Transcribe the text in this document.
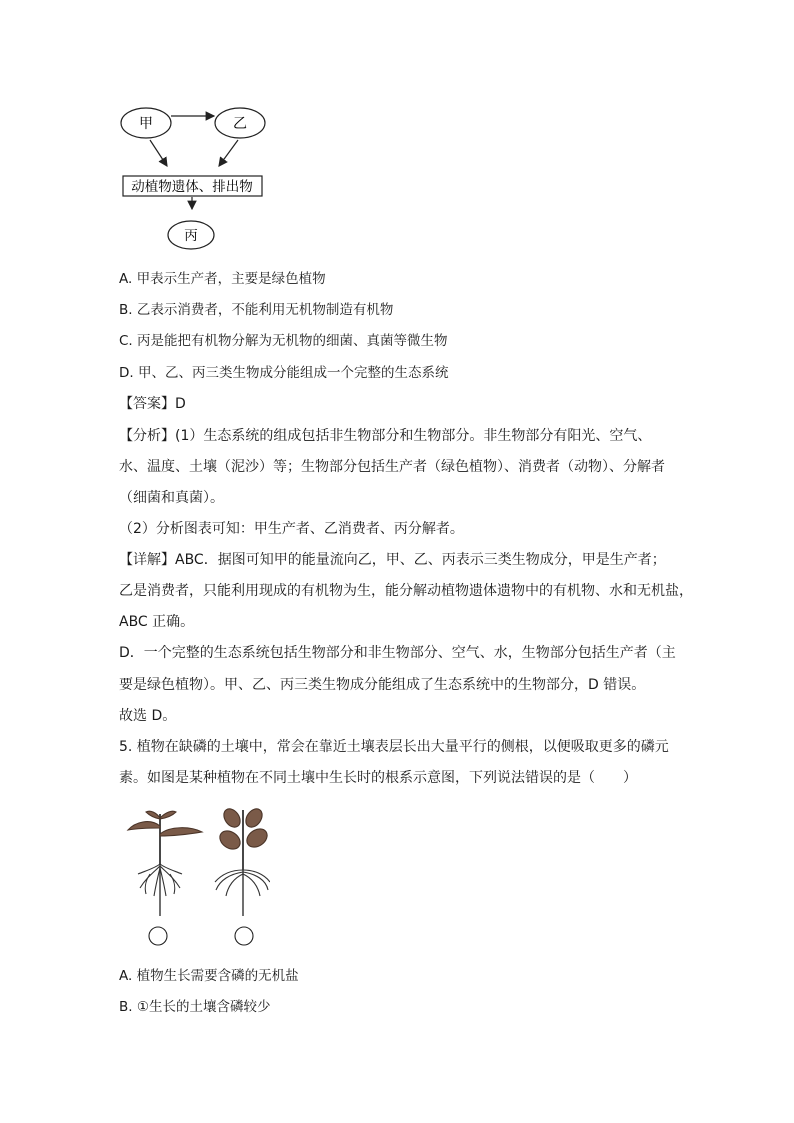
甲	乙
动植物遗体、排出物
丙
A. 甲表示生产者，主要是绿色植物
B. 乙表示消费者，不能利用无机物制造有机物
C. 丙是能把有机物分解为无机物的细菌、真菌等微生物
D. 甲、乙、丙三类生物成分能组成一个完整的生态系统
【答案】D
【分析】(1）生态系统的组成包括非生物部分和生物部分。非生物部分有阳光、空气、
水、温度、土壤（泥沙）等；生物部分包括生产者（绿色植物）、消费者（动物）、分解者
（细菌和真菌）。
（2）分析图表可知：甲生产者、乙消费者、丙分解者。
【详解】ABC．据图可知甲的能量流向乙，甲、乙、丙表示三类生物成分，甲是生产者；
乙是消费者，只能利用现成的有机物为生，能分解动植物遗体遗物中的有机物、水和无机盐，
ABC 正确。
D．一个完整的生态系统包括生物部分和非生物部分、空气、水，生物部分包括生产者（主
要是绿色植物）。甲、乙、丙三类生物成分能组成了生态系统中的生物部分，D 错误。
故选 D。
5. 植物在缺磷的土壤中，常会在靠近土壤表层长出大量平行的侧根，以便吸取更多的磷元
素。如图是某种植物在不同土壤中生长时的根系示意图，下列说法错误的是（　　）
A. 植物生长需要含磷的无机盐
B. ①生长的土壤含磷较少
